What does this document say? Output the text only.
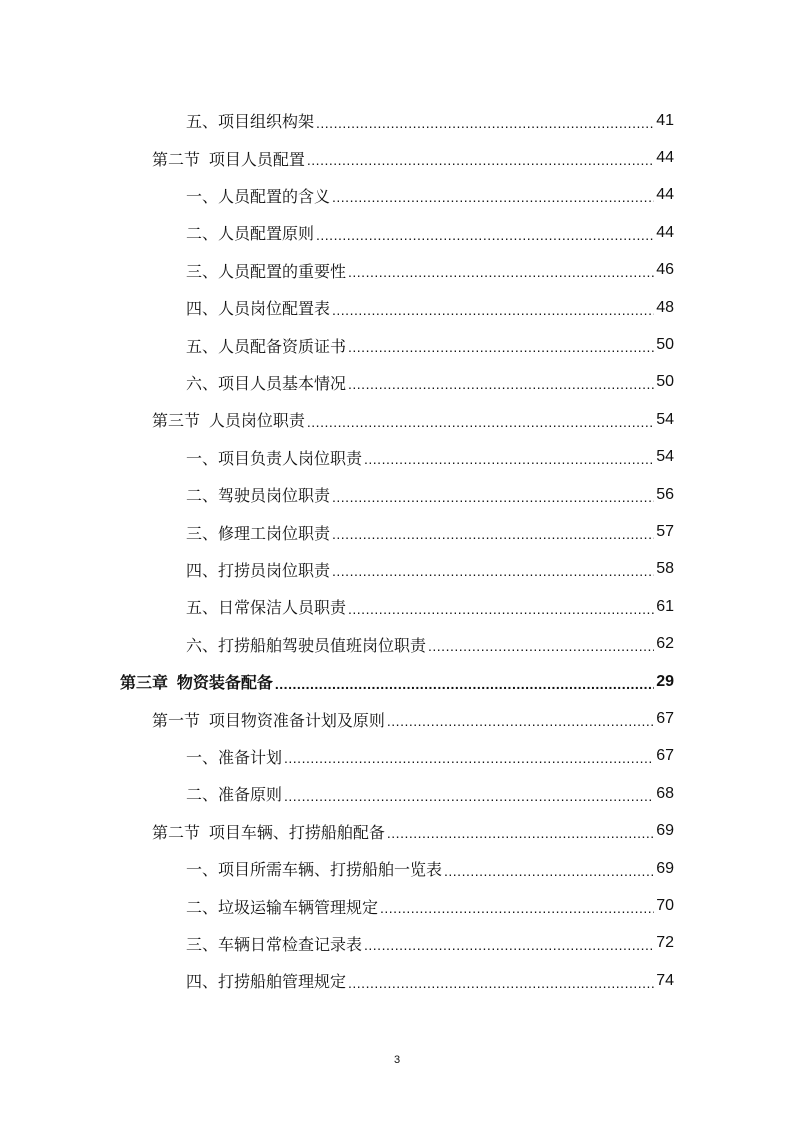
五、项目组织构架 .....	41
第二节  项目人员配置 .....	44
一、人员配置的含义 .....	44
二、人员配置原则 .....	44
三、人员配置的重要性 .....	46
四、人员岗位配置表 .....	48
五、人员配备资质证书 .....	50
六、项目人员基本情况 .....	50
第三节  人员岗位职责 .....	54
一、项目负责人岗位职责 .....	54
二、驾驶员岗位职责 .....	56
三、修理工岗位职责 .....	57
四、打捞员岗位职责 .....	58
五、日常保洁人员职责 .....	61
六、打捞船舶驾驶员值班岗位职责 .....	62
第三章  物资装备配备 .....	29
第一节  项目物资准备计划及原则 .....	67
一、准备计划 .....	67
二、准备原则 .....	68
第二节  项目车辆、打捞船舶配备 .....	69
一、项目所需车辆、打捞船舶一览表 .....	69
二、垃圾运输车辆管理规定 .....	70
三、车辆日常检查记录表 .....	72
四、打捞船舶管理规定 .....	74
3
